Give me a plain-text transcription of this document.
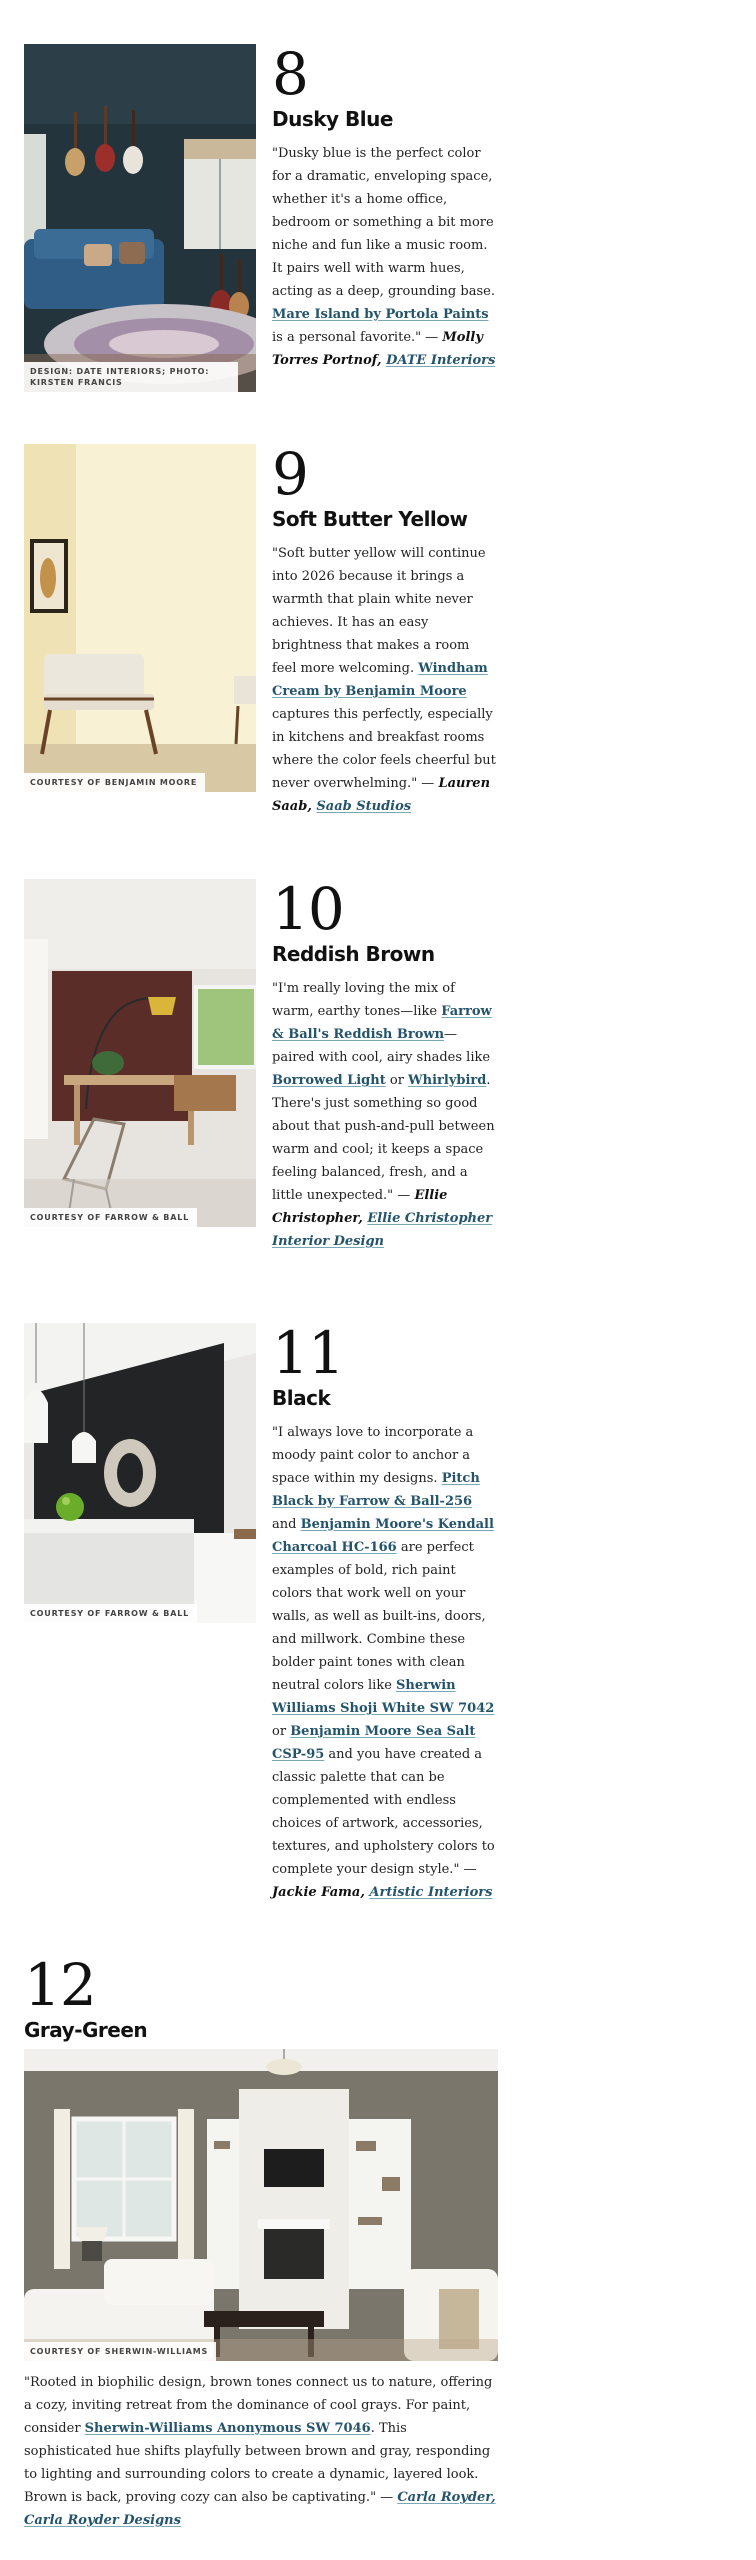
DESIGN: DATE INTERIORS; PHOTO: KIRSTEN FRANCIS
8
Dusky Blue

"Dusky blue is the perfect color for a dramatic, enveloping space, whether it's a home office, bedroom or something a bit more niche and fun like a music room. It pairs well with warm hues, acting as a deep, grounding base. Mare Island by Portola Paints is a personal favorite." — Molly Torres Portnof, DATE Interiors

COURTESY OF BENJAMIN MOORE
9
Soft Butter Yellow

"Soft butter yellow will continue into 2026 because it brings a warmth that plain white never achieves. It has an easy brightness that makes a room feel more welcoming. Windham Cream by Benjamin Moore captures this perfectly, especially in kitchens and breakfast rooms where the color feels cheerful but never overwhelming." — Lauren Saab, Saab Studios

COURTESY OF FARROW & BALL
10
Reddish Brown

"I'm really loving the mix of warm, earthy tones—like Farrow & Ball's Reddish Brown—paired with cool, airy shades like Borrowed Light or Whirlybird. There's just something so good about that push-and-pull between warm and cool; it keeps a space feeling balanced, fresh, and a little unexpected." — Ellie Christopher, Ellie Christopher Interior Design

COURTESY OF FARROW & BALL
11
Black

"I always love to incorporate a moody paint color to anchor a space within my designs. Pitch Black by Farrow & Ball-256 and Benjamin Moore's Kendall Charcoal HC-166 are perfect examples of bold, rich paint colors that work well on your walls, as well as built-ins, doors, and millwork. Combine these bolder paint tones with clean neutral colors like Sherwin Williams Shoji White SW 7042 or Benjamin Moore Sea Salt CSP-95 and you have created a classic palette that can be complemented with endless choices of artwork, accessories, textures, and upholstery colors to complete your design style." — Jackie Fama, Artistic Interiors

12
Gray-Green
COURTESY OF SHERWIN-WILLIAMS

"Rooted in biophilic design, brown tones connect us to nature, offering a cozy, inviting retreat from the dominance of cool grays. For paint, consider Sherwin-Williams Anonymous SW 7046. This sophisticated hue shifts playfully between brown and gray, responding to lighting and surrounding colors to create a dynamic, layered look. Brown is back, proving cozy can also be captivating." — Carla Royder, Carla Royder Designs
